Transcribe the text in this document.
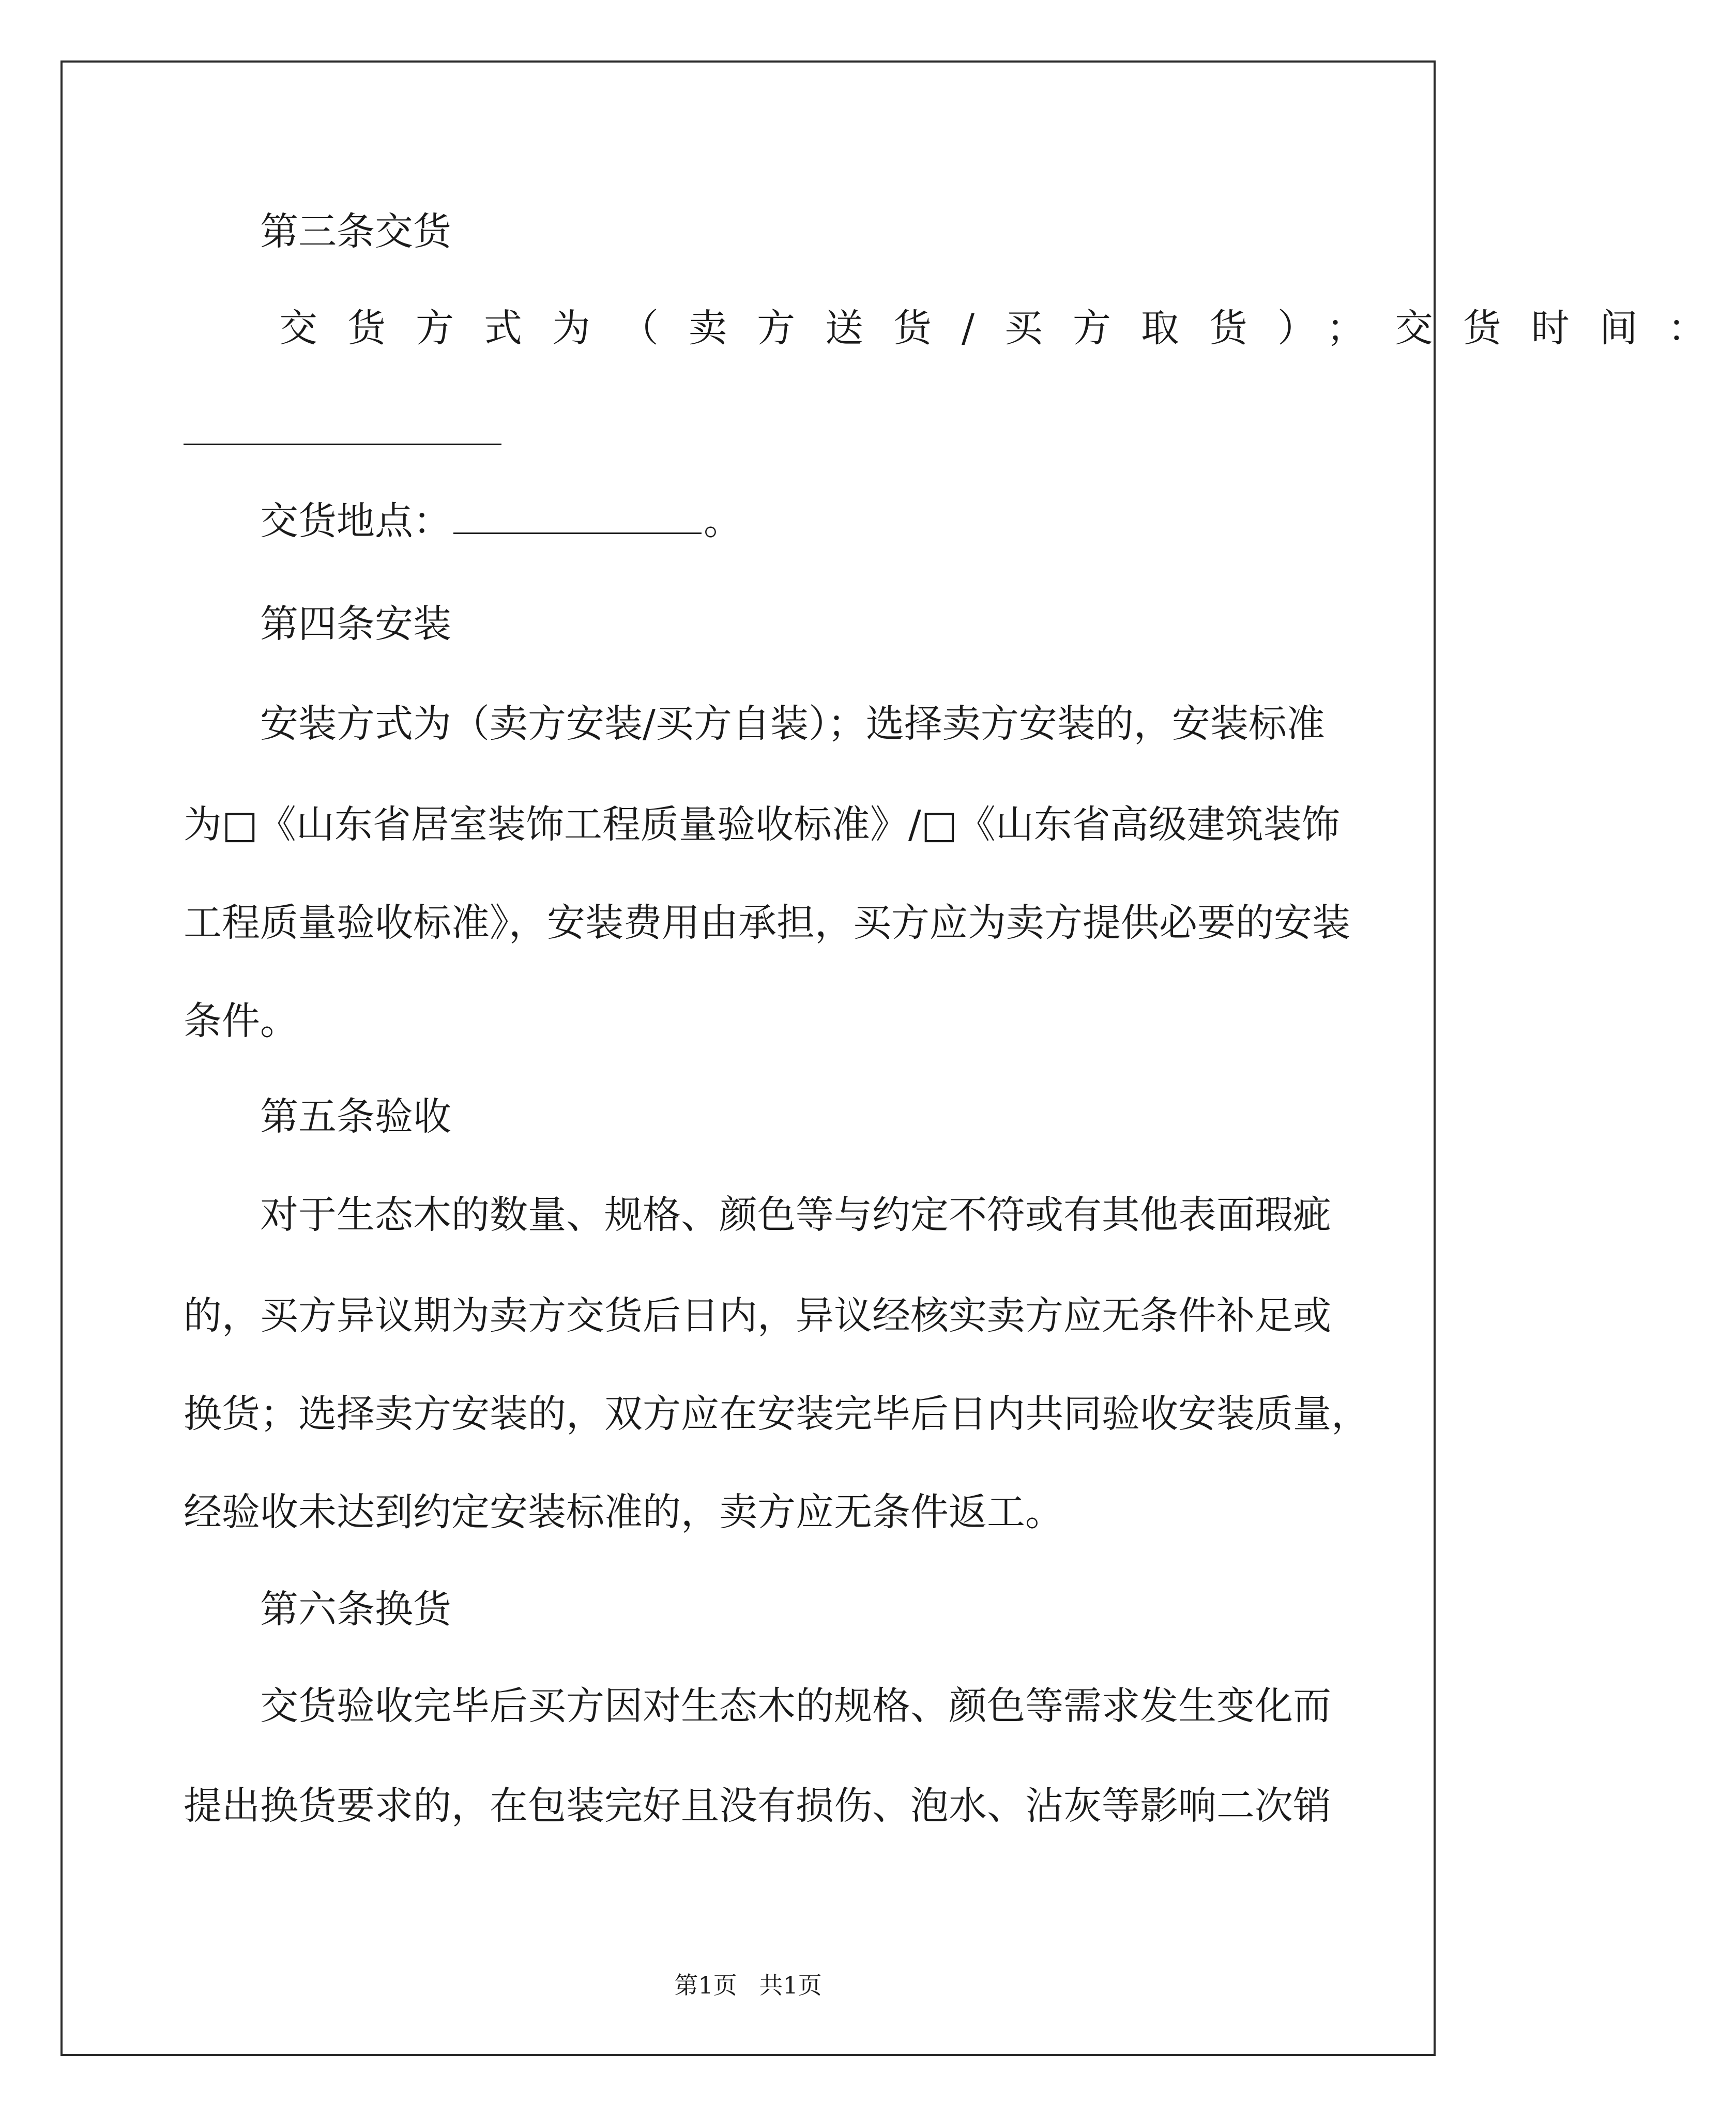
第三条交货
交货方式为（卖方送货/买方取货）；交货时间：
交货地点：	。
第四条安装
安装方式为（卖方安装/买方自装）；选择卖方安装的，安装标准
为□《山东省居室装饰工程质量验收标准》/□《山东省高级建筑装饰
工程质量验收标准》，安装费用由承担，买方应为卖方提供必要的安装
条件。
第五条验收
对于生态木的数量、规格、颜色等与约定不符或有其他表面瑕疵
的，买方异议期为卖方交货后日内，异议经核实卖方应无条件补足或
换货；选择卖方安装的，双方应在安装完毕后日内共同验收安装质量，
经验收未达到约定安装标准的，卖方应无条件返工。
第六条换货
交货验收完毕后买方因对生态木的规格、颜色等需求发生变化而
提出换货要求的，在包装完好且没有损伤、泡水、沾灰等影响二次销
第1页 共1页
